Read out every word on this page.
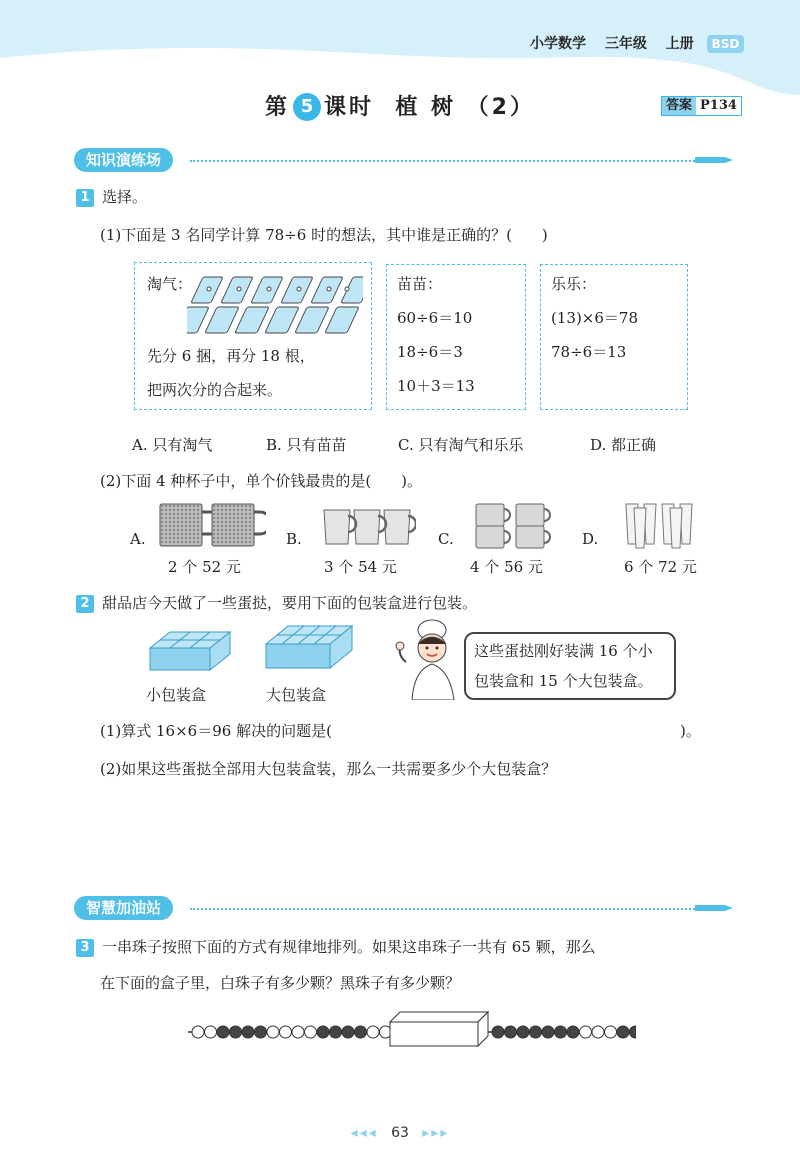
小学数学 三年级 上册 BSD
第 5 课时 植 树 （2）	答案 P134
知识演练场
1 选择。
(1)下面是 3 名同学计算 78÷6 时的想法，其中谁是正确的？(　　)
淘气：
先分 6 捆，再分 18 根，
把两次分的合起来。
苗苗：
60÷6＝10
18÷6＝3
10＋3＝13
乐乐：
(13)×6＝78
78÷6＝13
A. 只有淘气	B. 只有苗苗	C. 只有淘气和乐乐	D. 都正确
(2)下面 4 种杯子中，单个价钱最贵的是(　　)。
A.
2 个 52 元
B.
3 个 54 元
C.
4 个 56 元
D.
6 个 72 元
2 甜品店今天做了一些蛋挞，要用下面的包装盒进行包装。
小包装盒	大包装盒
这些蛋挞刚好装满 16 个小
包装盒和 15 个大包装盒。
(1)算式 16×6＝96 解决的问题是(	)。
(2)如果这些蛋挞全部用大包装盒装，那么一共需要多少个大包装盒？
智慧加油站
3 一串珠子按照下面的方式有规律地排列。如果这串珠子一共有 65 颗，那么
在下面的盒子里，白珠子有多少颗？黑珠子有多少颗？
◂◂◂ 63 ▸▸▸
